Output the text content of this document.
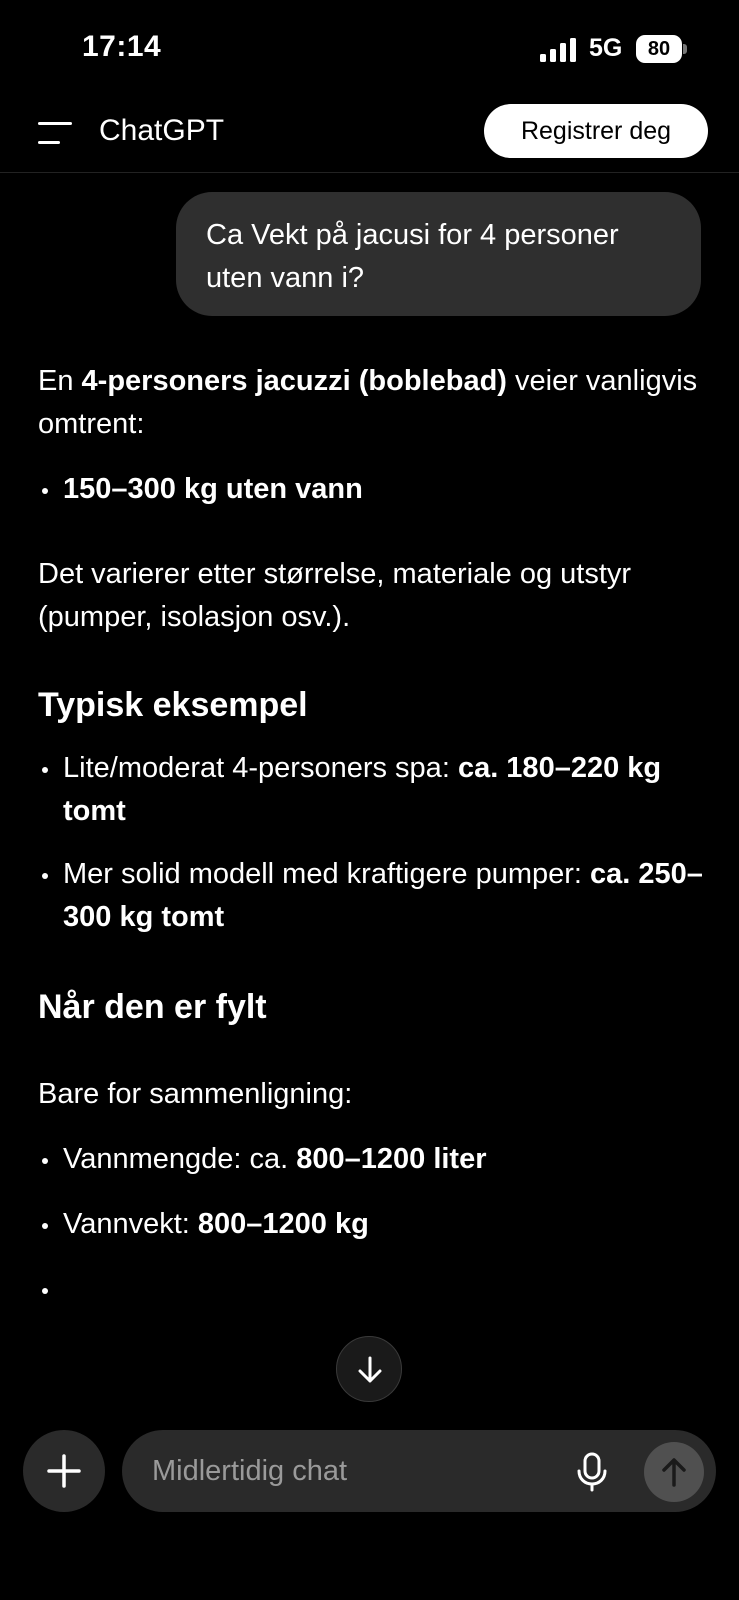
17:14	5G	80
ChatGPT	Registrer deg
Ca Vekt på jacusi for 4 personer uten vann i?

En 4-personers jacuzzi (boblebad) veier vanligvis omtrent:

150–300 kg uten vann

Det varierer etter størrelse, materiale og utstyr (pumper, isolasjon osv.).

Typisk eksempel

Lite/moderat 4-personers spa: ca. 180–220 kg tomt

Mer solid modell med kraftigere pumper: ca. 250–300 kg tomt

Når den er fylt

Bare for sammenligning:

Vannmengde: ca. 800–1200 liter

Vannvekt: 800–1200 kg

Midlertidig chat
